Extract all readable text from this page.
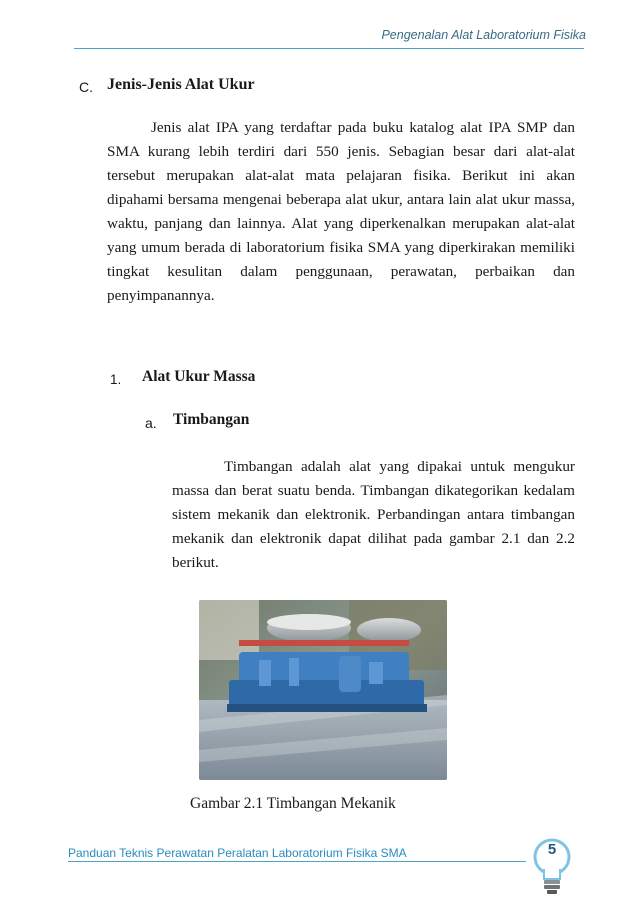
Pengenalan Alat Laboratorium Fisika
C. Jenis-Jenis Alat Ukur

Jenis alat IPA yang terdaftar pada buku katalog alat IPA SMP dan SMA kurang lebih terdiri dari 550 jenis. Sebagian besar dari alat-alat tersebut merupakan alat-alat mata pelajaran fisika. Berikut ini akan dipahami bersama mengenai beberapa alat ukur, antara lain alat ukur massa, waktu, panjang dan lainnya. Alat yang diperkenalkan merupakan alat-alat yang umum berada di laboratorium fisika SMA yang diperkirakan memiliki tingkat kesulitan dalam penggunaan, perawatan, perbaikan dan penyimpanannya.

1. Alat Ukur Massa
a. Timbangan

Timbangan adalah alat yang dipakai untuk mengukur massa dan berat suatu benda. Timbangan dikategorikan kedalam sistem mekanik dan elektronik. Perbandingan antara timbangan mekanik dan elektronik dapat dilihat pada gambar 2.1 dan 2.2 berikut.

Gambar 2.1 Timbangan Mekanik
Panduan Teknis Perawatan Peralatan Laboratorium Fisika SMA	5
